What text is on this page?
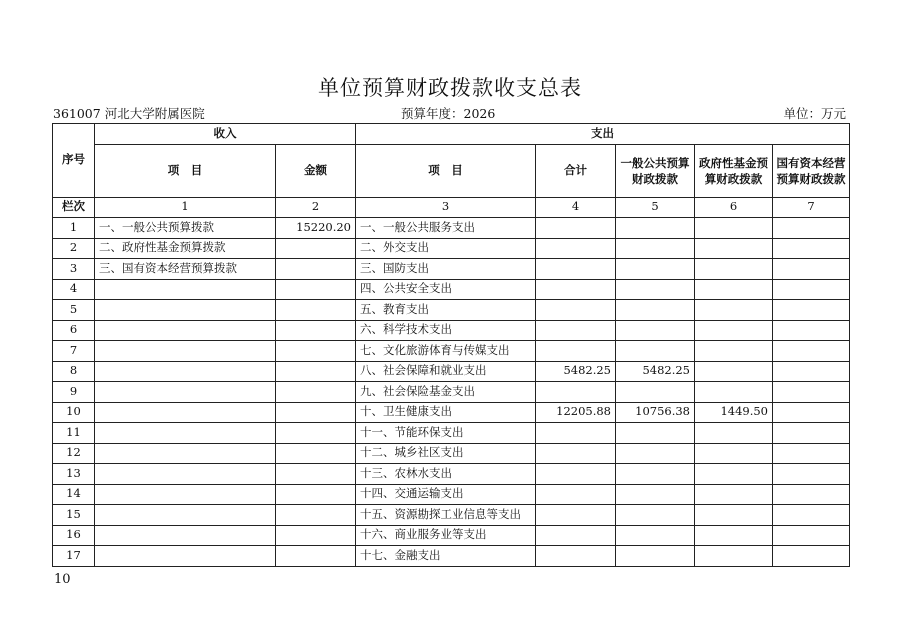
单位预算财政拨款收支总表
361007 河北大学附属医院	预算年度：2026	单位：万元
序号	收入		支出				
	项　目	金额	项　目	合计	一般公共预算财政拨款	政府性基金预算财政拨款	国有资本经营预算财政拨款
栏次	1	2	3	4	5	6	7
1	一、一般公共预算拨款	15220.20	一、一般公共服务支出				
2	二、政府性基金预算拨款		二、外交支出				
3	三、国有资本经营预算拨款		三、国防支出				
4			四、公共安全支出				
5			五、教育支出				
6			六、科学技术支出				
7			七、文化旅游体育与传媒支出				
8			八、社会保障和就业支出	5482.25	5482.25		
9			九、社会保险基金支出				
10			十、卫生健康支出	12205.88	10756.38	1449.50	
11			十一、节能环保支出				
12			十二、城乡社区支出				
13			十三、农林水支出				
14			十四、交通运输支出				
15			十五、资源勘探工业信息等支出				
16			十六、商业服务业等支出				
17			十七、金融支出				
10
